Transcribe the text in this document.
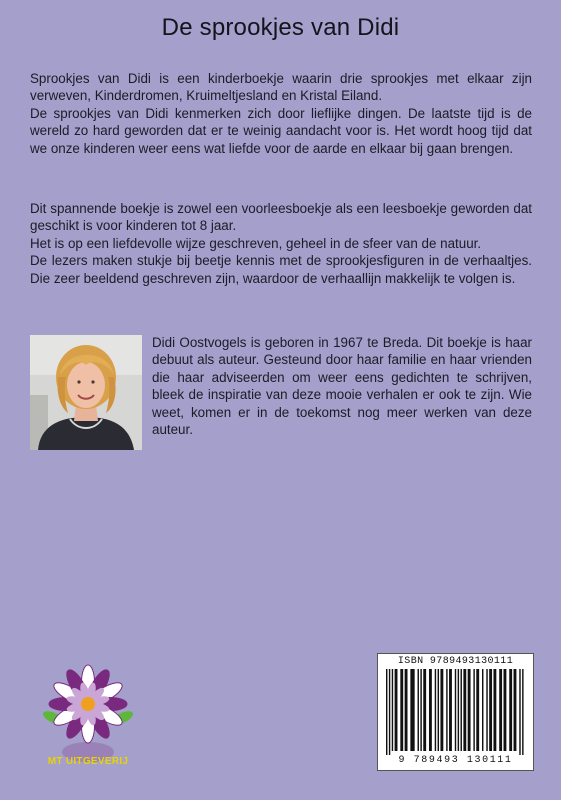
De sprookjes van Didi

Sprookjes van Didi is een kinderboekje waarin drie sprookjes met elkaar zijn verweven, Kinderdromen, Kruimeltjesland en Kristal Eiland.

De sprookjes van Didi kenmerken zich door lieflijke dingen. De laatste tijd is de wereld zo hard geworden dat er te weinig aandacht voor is. Het wordt hoog tijd dat we onze kinderen weer eens wat liefde voor de aarde en elkaar bij gaan brengen.

Dit spannende boekje is zowel een voorleesboekje als een leesboekje geworden dat geschikt is voor kinderen tot 8 jaar.

Het is op een liefdevolle wijze geschreven, geheel in de sfeer van de natuur.

De lezers maken stukje bij beetje kennis met de sprookjesfiguren in de verhaaltjes. Die zeer beeldend geschreven zijn, waardoor de verhaallijn makkelijk te volgen is.

Didi Oostvogels is geboren in 1967 te Breda. Dit boekje is haar debuut als auteur. Gesteund door haar familie en haar vrienden die haar adviseerden om weer eens gedichten te schrijven, bleek de inspiratie van deze mooie verhalen er ook te zijn. Wie weet, komen er in de toekomst nog meer werken van deze auteur.

MT UITGEVERIJ
ISBN 9789493130111
9 789493 130111
